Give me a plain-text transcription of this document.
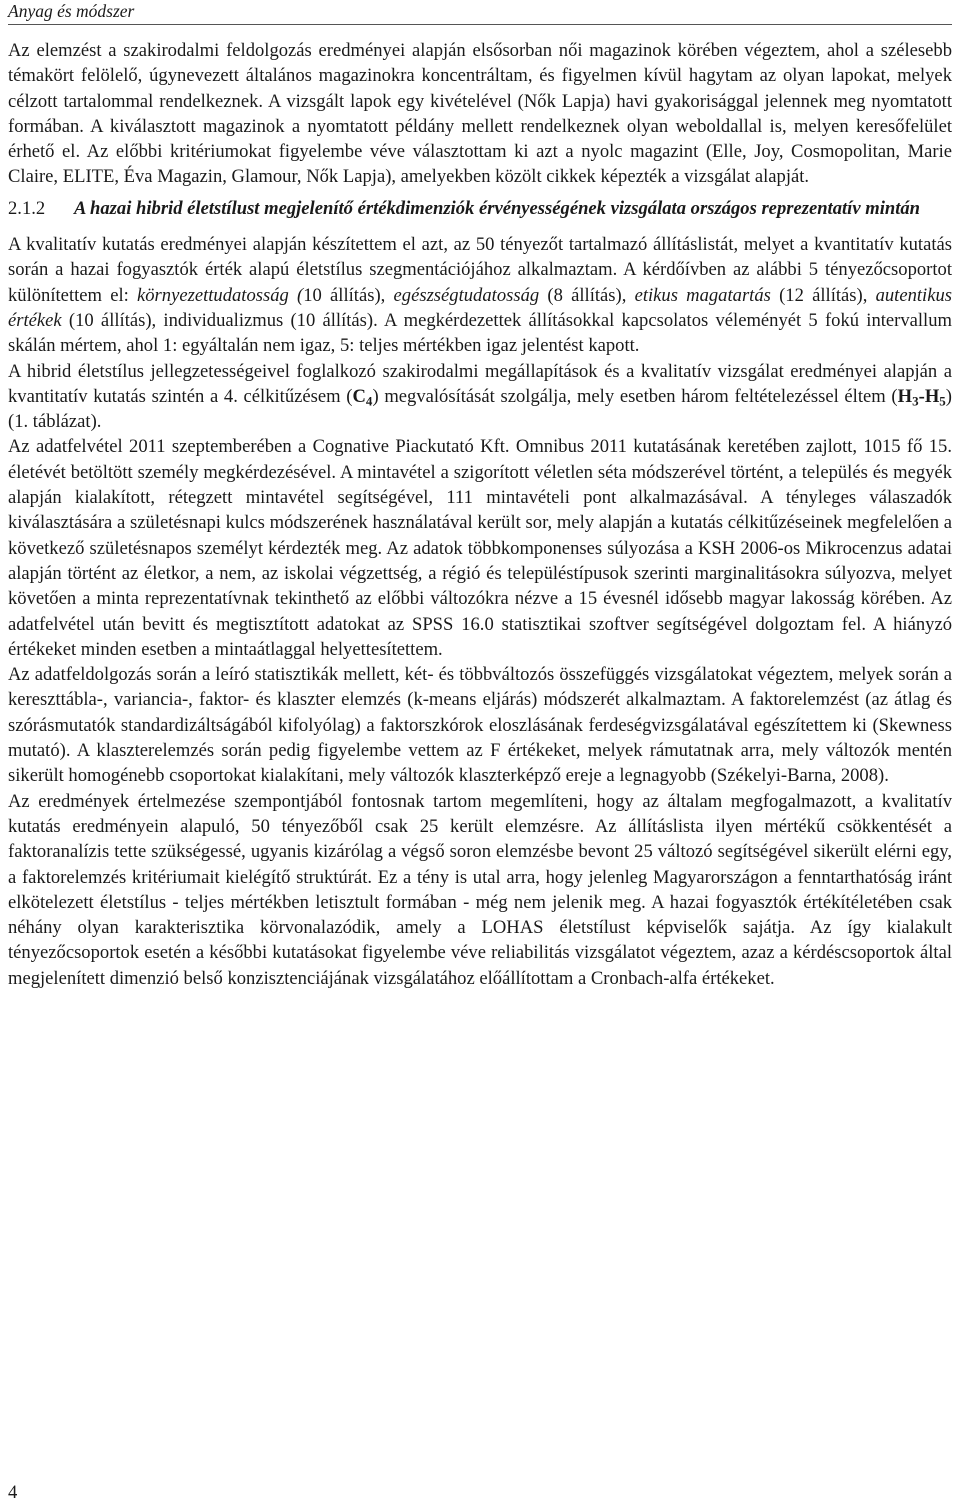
Anyag és módszer

Az elemzést a szakirodalmi feldolgozás eredményei alapján elsősorban női magazinok körében végeztem, ahol a szélesebb témakört felölelő, úgynevezett általános magazinokra koncentráltam, és figyelmen kívül hagytam az olyan lapokat, melyek célzott tartalommal rendelkeznek. A vizsgált lapok egy kivételével (Nők Lapja) havi gyakorisággal jelennek meg nyomtatott formában. A kiválasztott magazinok a nyomtatott példány mellett rendelkeznek olyan weboldallal is, melyen keresőfelület érhető el. Az előbbi kritériumokat figyelembe véve választottam ki azt a nyolc magazint (Elle, Joy, Cosmopolitan, Marie Claire, ELITE, Éva Magazin, Glamour, Nők Lapja), amelyekben közölt cikkek képezték a vizsgálat alapját.

2.1.2	A hazai hibrid életstílust megjelenítő értékdimenziók érvényességének vizsgálata országos reprezentatív mintán

A kvalitatív kutatás eredményei alapján készítettem el azt, az 50 tényezőt tartalmazó állításlistát, melyet a kvantitatív kutatás során a hazai fogyasztók érték alapú életstílus szegmentációjához alkalmaztam. A kérdőívben az alábbi 5 tényezőcsoportot különítettem el: környezettudatosság (10 állítás), egészségtudatosság (8 állítás), etikus magatartás (12 állítás), autentikus értékek (10 állítás), individualizmus (10 állítás). A megkérdezettek állításokkal kapcsolatos véleményét 5 fokú intervallum skálán mértem, ahol 1: egyáltalán nem igaz, 5: teljes mértékben igaz jelentést kapott.

A hibrid életstílus jellegzetességeivel foglalkozó szakirodalmi megállapítások és a kvalitatív vizsgálat eredményei alapján a kvantitatív kutatás szintén a 4. célkitűzésem $(C_4)$ megvalósítását szolgálja, mely esetben három feltételezéssel éltem $(H_3-H_5)$ (1. táblázat).

Az adatfelvétel 2011 szeptemberében a Cognative Piackutató Kft. Omnibus 2011 kutatásának keretében zajlott, 1015 fő 15. életévét betöltött személy megkérdezésével. A mintavétel a szigorított véletlen séta módszerével történt, a település és megyék alapján kialakított, rétegzett mintavétel segítségével, 111 mintavételi pont alkalmazásával. A tényleges válaszadók kiválasztására a születésnapi kulcs módszerének használatával került sor, mely alapján a kutatás célkitűzéseinek megfelelően a következő születésnapos személyt kérdezték meg. Az adatok többkomponenses súlyozása a KSH 2006-os Mikrocenzus adatai alapján történt az életkor, a nem, az iskolai végzettség, a régió és településtípusok szerinti marginalitásokra súlyozva, melyet követően a minta reprezentatívnak tekinthető az előbbi változókra nézve a 15 évesnél idősebb magyar lakosság körében. Az adatfelvétel után bevitt és megtisztított adatokat az SPSS 16.0 statisztikai szoftver segítségével dolgoztam fel. A hiányzó értékeket minden esetben a mintaátlaggal helyettesítettem.

Az adatfeldolgozás során a leíró statisztikák mellett, két- és többváltozós összefüggés vizsgálatokat végeztem, melyek során a kereszttábla-, variancia-, faktor- és klaszter elemzés (k-means eljárás) módszerét alkalmaztam. A faktorelemzést (az átlag és szórásmutatók standardizáltságából kifolyólag) a faktorszkórok eloszlásának ferdeségvizsgálatával egészítettem ki (Skewness mutató). A klaszterelemzés során pedig figyelembe vettem az F értékeket, melyek rámutatnak arra, mely változók mentén sikerült homogénebb csoportokat kialakítani, mely változók klaszterképző ereje a legnagyobb (Székelyi-Barna, 2008).

Az eredmények értelmezése szempontjából fontosnak tartom megemlíteni, hogy az általam megfogalmazott, a kvalitatív kutatás eredményein alapuló, 50 tényezőből csak 25 került elemzésre. Az állításlista ilyen mértékű csökkentését a faktoranalízis tette szükségessé, ugyanis kizárólag a végső soron elemzésbe bevont 25 változó segítségével sikerült elérni egy, a faktorelemzés kritériumait kielégítő struktúrát. Ez a tény is utal arra, hogy jelenleg Magyarországon a fenntarthatóság iránt elkötelezett életstílus - teljes mértékben letisztult formában - még nem jelenik meg. A hazai fogyasztók értékítéletében csak néhány olyan karakterisztika körvonalazódik, amely a LOHAS életstílust képviselők sajátja. Az így kialakult tényezőcsoportok esetén a későbbi kutatásokat figyelembe véve reliabilitás vizsgálatot végeztem, azaz a kérdéscsoportok által megjelenített dimenzió belső konzisztenciájának vizsgálatához előállítottam a Cronbach-alfa értékeket.

4
